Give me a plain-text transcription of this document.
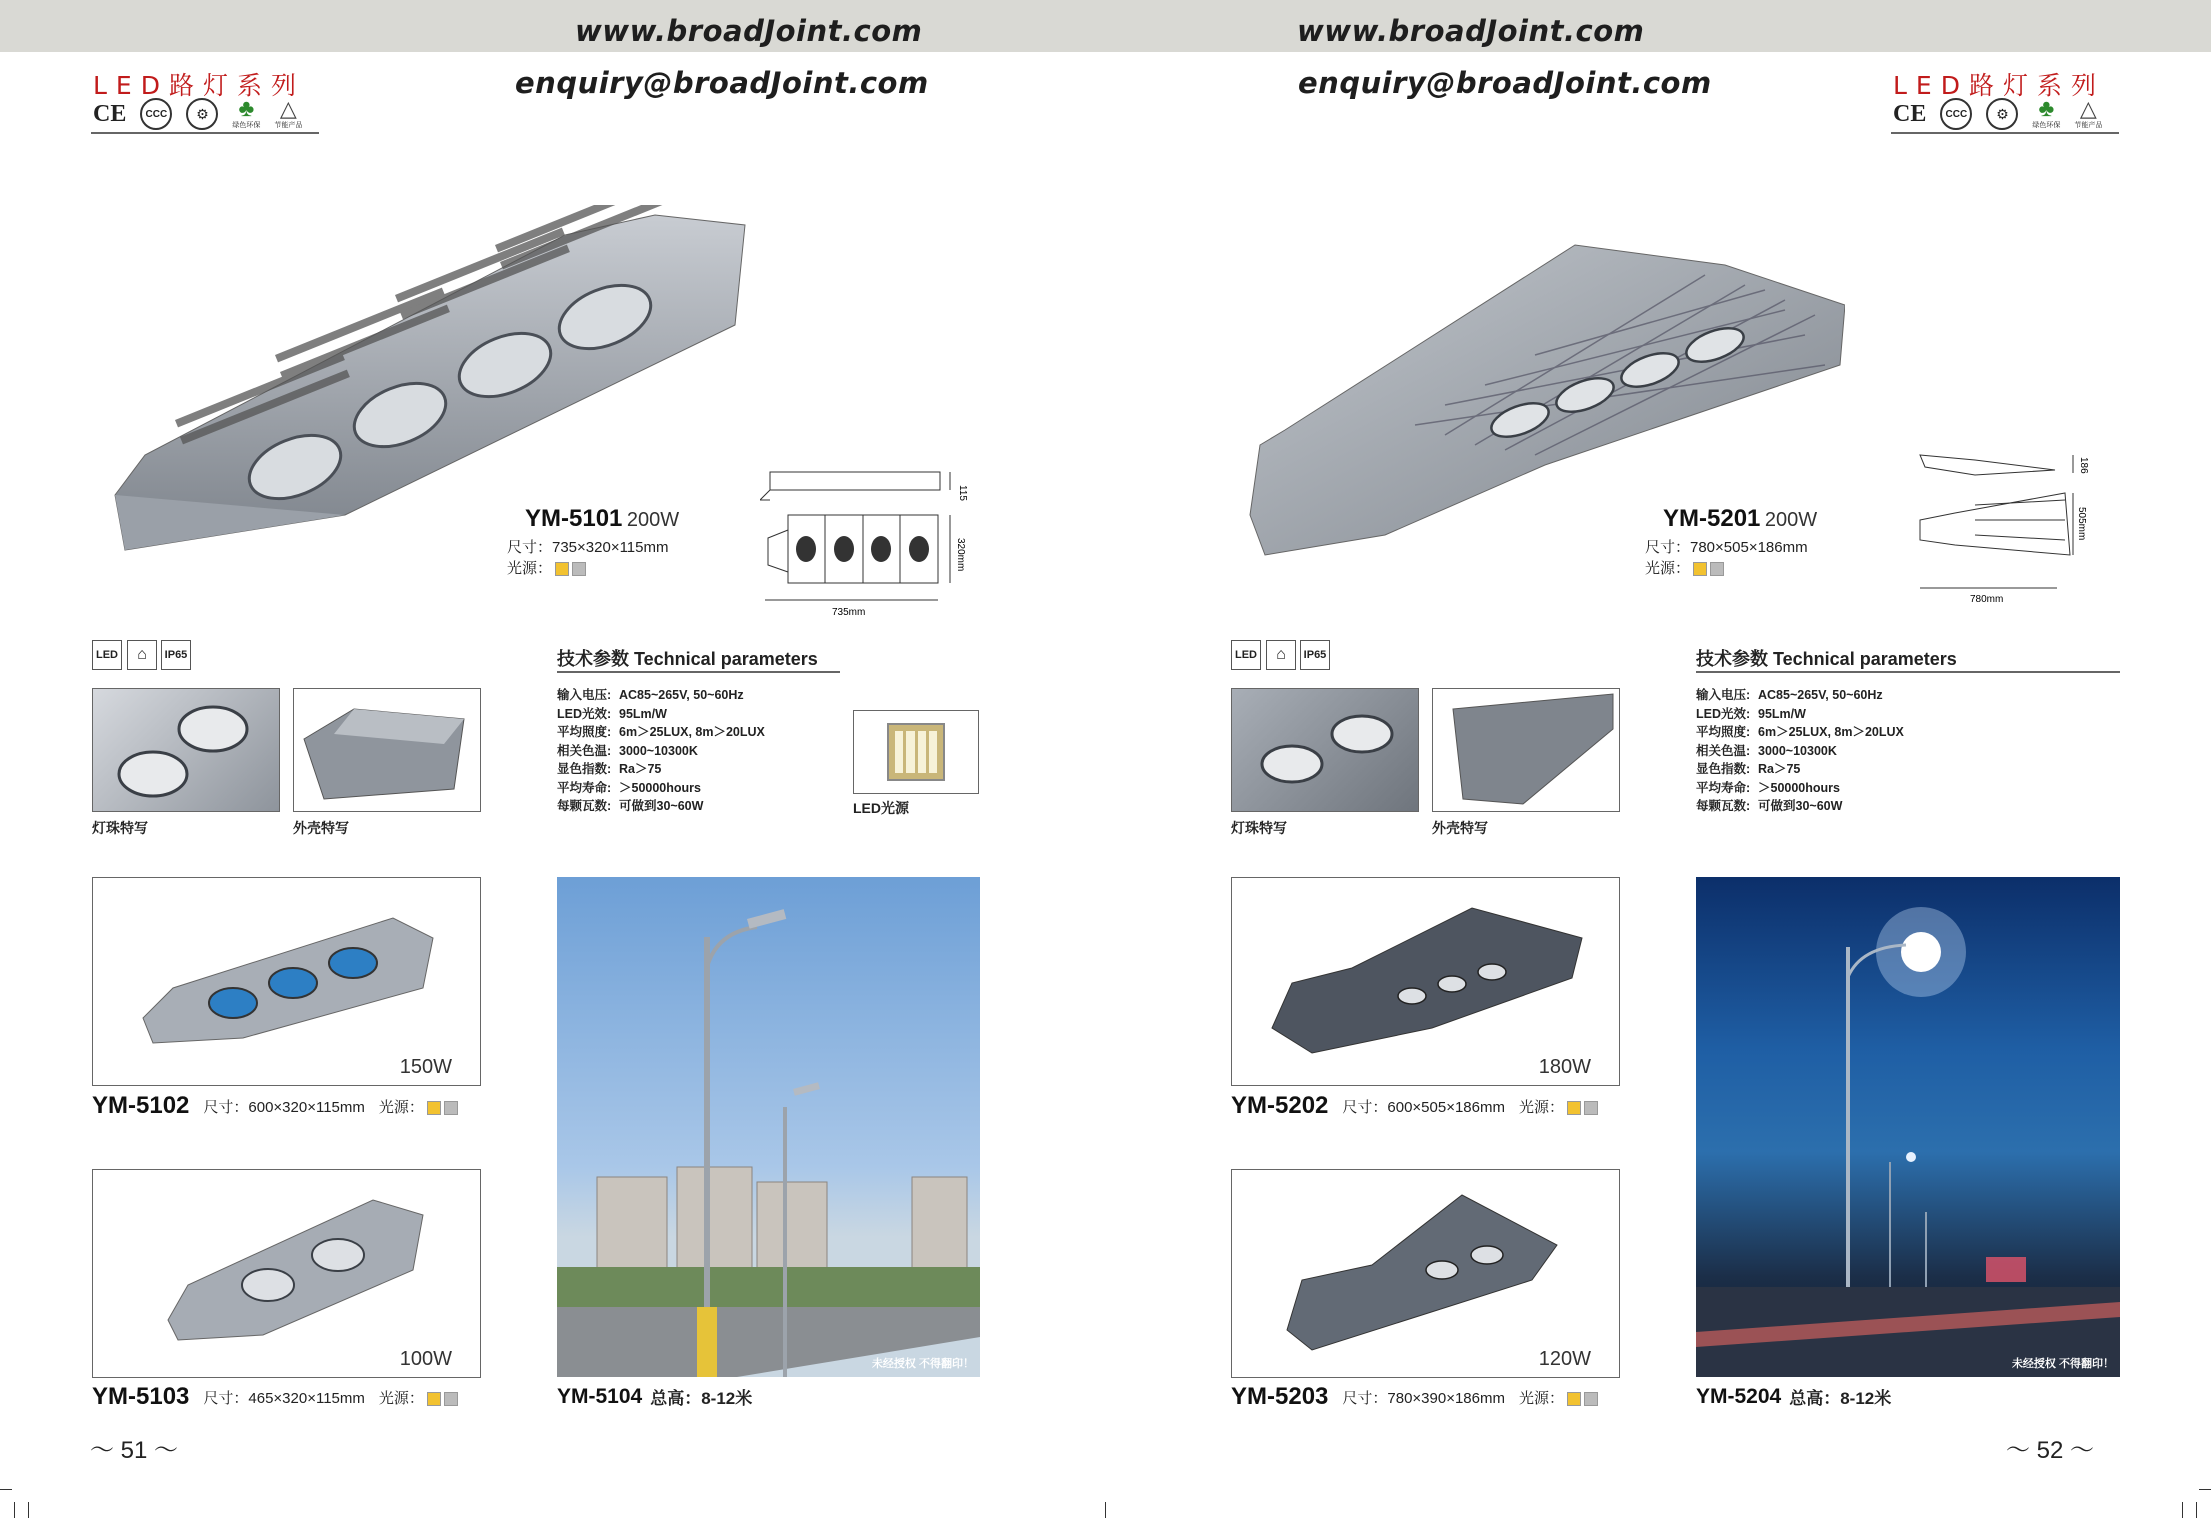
www.broadJoint.com	www.broadJoint.com
enquiry@broadJoint.com	enquiry@broadJoint.com
LED路灯系列
CE	CCC	⚙	♣
绿色环保
△
节能产品
LED路灯系列
CE	CCC	⚙	♣
绿色环保
△
节能产品
YM-5101 200W
尺寸：735×320×115mm
光源：
115
320mm
735mm
LED	⌂	IP65
灯珠特写	外壳特写
技术参数 Technical parameters
输入电压: AC85~265V, 50~60Hz
LED光效: 95Lm/W
平均照度: 6m＞25LUX, 8m＞20LUX
相关色温: 3000~10300K
显色指数: Ra＞75
平均寿命: ＞50000hours
每颗瓦数: 可做到30~60W	LED光源
150W
YM-5102 尺寸：600×320×115mm 光源：
100W
YM-5103 尺寸：465×320×115mm 光源：
未经授权 不得翻印！
YM-5104 总高：8-12米
～ 51 ～
YM-5201 200W
尺寸：780×505×186mm
光源：
186
505mm
780mm
LED	⌂	IP65
灯珠特写	外壳特写
技术参数 Technical parameters
输入电压: AC85~265V, 50~60Hz
LED光效: 95Lm/W
平均照度: 6m＞25LUX, 8m＞20LUX
相关色温: 3000~10300K
显色指数: Ra＞75
平均寿命: ＞50000hours
每颗瓦数: 可做到30~60W
180W
YM-5202 尺寸：600×505×186mm 光源：
120W
YM-5203 尺寸：780×390×186mm 光源：
未经授权 不得翻印！
YM-5204 总高：8-12米
～ 52 ～
